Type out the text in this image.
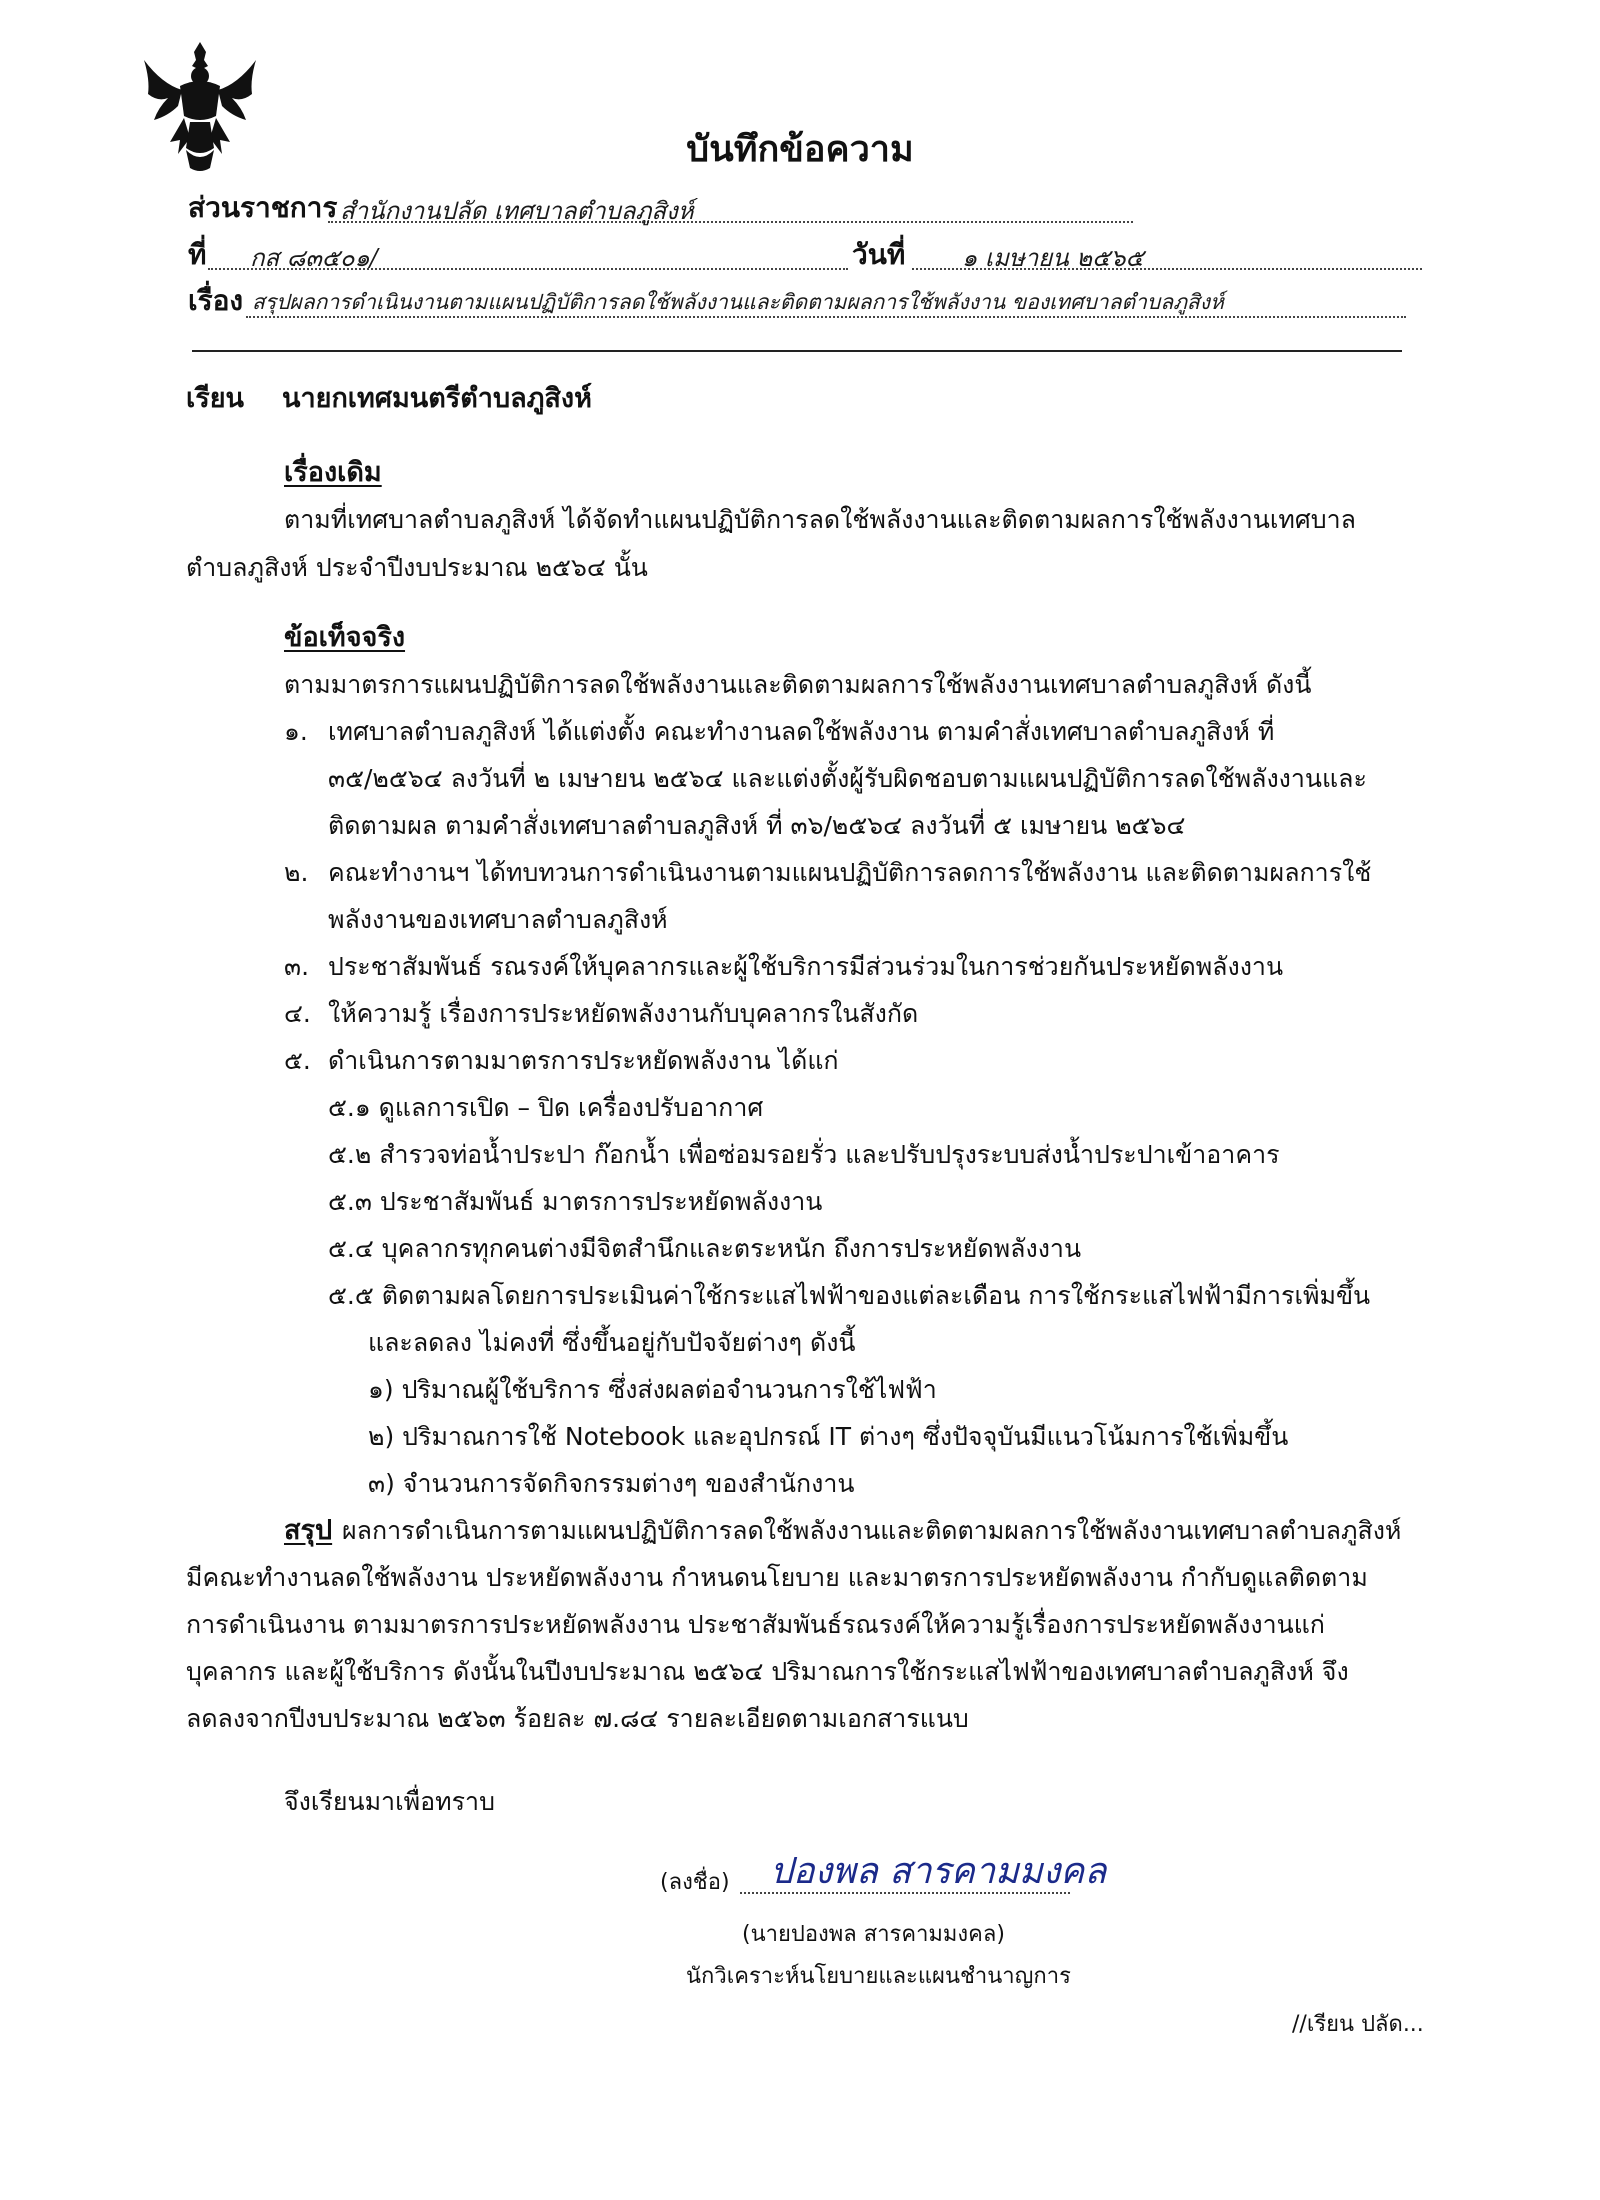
บันทึกข้อความ
ส่วนราชการ สำนักงานปลัด เทศบาลตำบลภูสิงห์
ที่ กส ๘๓๕๐๑/	วันที่ ๑ เมษายน ๒๕๖๕
เรื่อง สรุปผลการดำเนินงานตามแผนปฏิบัติการลดใช้พลังงานและติดตามผลการใช้พลังงาน ของเทศบาลตำบลภูสิงห์
เรียน นายกเทศมนตรีตำบลภูสิงห์
เรื่องเดิม
ตามที่เทศบาลตำบลภูสิงห์ ได้จัดทำแผนปฏิบัติการลดใช้พลังงานและติดตามผลการใช้พลังงานเทศบาล
ตำบลภูสิงห์ ประจำปีงบประมาณ ๒๕๖๔ นั้น
ข้อเท็จจริง
ตามมาตรการแผนปฏิบัติการลดใช้พลังงานและติดตามผลการใช้พลังงานเทศบาลตำบลภูสิงห์ ดังนี้
๑. เทศบาลตำบลภูสิงห์ ได้แต่งตั้ง คณะทำงานลดใช้พลังงาน ตามคำสั่งเทศบาลตำบลภูสิงห์ ที่
๓๕/๒๕๖๔ ลงวันที่ ๒ เมษายน ๒๕๖๔ และแต่งตั้งผู้รับผิดชอบตามแผนปฏิบัติการลดใช้พลังงานและ
ติดตามผล ตามคำสั่งเทศบาลตำบลภูสิงห์ ที่ ๓๖/๒๕๖๔ ลงวันที่ ๕ เมษายน ๒๕๖๔
๒. คณะทำงานฯ ได้ทบทวนการดำเนินงานตามแผนปฏิบัติการลดการใช้พลังงาน และติดตามผลการใช้
พลังงานของเทศบาลตำบลภูสิงห์
๓. ประชาสัมพันธ์ รณรงค์ให้บุคลากรและผู้ใช้บริการมีส่วนร่วมในการช่วยกันประหยัดพลังงาน
๔. ให้ความรู้ เรื่องการประหยัดพลังงานกับบุคลากรในสังกัด
๕. ดำเนินการตามมาตรการประหยัดพลังงาน ได้แก่
๕.๑ ดูแลการเปิด – ปิด เครื่องปรับอากาศ
๕.๒ สำรวจท่อน้ำประปา ก๊อกน้ำ เพื่อซ่อมรอยรั่ว และปรับปรุงระบบส่งน้ำประปาเข้าอาคาร
๕.๓ ประชาสัมพันธ์ มาตรการประหยัดพลังงาน
๕.๔ บุคลากรทุกคนต่างมีจิตสำนึกและตระหนัก ถึงการประหยัดพลังงาน
๕.๕ ติดตามผลโดยการประเมินค่าใช้กระแสไฟฟ้าของแต่ละเดือน การใช้กระแสไฟฟ้ามีการเพิ่มขึ้น
และลดลง ไม่คงที่ ซึ่งขึ้นอยู่กับปัจจัยต่างๆ ดังนี้
๑) ปริมาณผู้ใช้บริการ ซึ่งส่งผลต่อจำนวนการใช้ไฟฟ้า
๒) ปริมาณการใช้ Notebook และอุปกรณ์ IT ต่างๆ ซึ่งปัจจุบันมีแนวโน้มการใช้เพิ่มขึ้น
๓) จำนวนการจัดกิจกรรมต่างๆ ของสำนักงาน
สรุป ผลการดำเนินการตามแผนปฏิบัติการลดใช้พลังงานและติดตามผลการใช้พลังงานเทศบาลตำบลภูสิงห์
มีคณะทำงานลดใช้พลังงาน ประหยัดพลังงาน กำหนดนโยบาย และมาตรการประหยัดพลังงาน กำกับดูแลติดตาม
การดำเนินงาน ตามมาตรการประหยัดพลังงาน ประชาสัมพันธ์รณรงค์ให้ความรู้เรื่องการประหยัดพลังงานแก่
บุคลากร และผู้ใช้บริการ ดังนั้นในปีงบประมาณ ๒๕๖๔ ปริมาณการใช้กระแสไฟฟ้าของเทศบาลตำบลภูสิงห์ จึง
ลดลงจากปีงบประมาณ ๒๕๖๓ ร้อยละ ๗.๘๔ รายละเอียดตามเอกสารแนบ
จึงเรียนมาเพื่อทราบ
(ลงชื่อ) ปองพล สารคามมงคล
(นายปองพล สารคามมงคล)
นักวิเคราะห์นโยบายและแผนชำนาญการ
//เรียน ปลัด...
